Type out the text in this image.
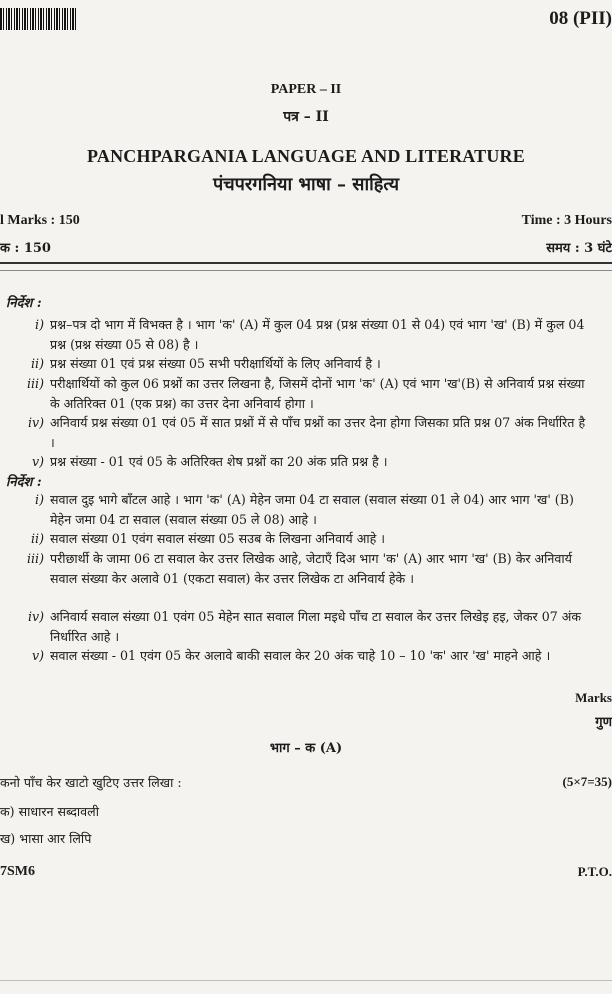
08 (PII)
PAPER – II
पत्र – II
PANCHPARGANIA LANGUAGE AND LITERATURE
पंचपरगनिया भाषा – साहित्य
l Marks : 150
क : 150
Time : 3 Hours
समय : 3 घंटे
निर्देश :
i) प्रश्न–पत्र दो भाग में विभक्त है । भाग 'क' (A) में कुल 04 प्रश्न (प्रश्न संख्या 01 से 04) एवं भाग 'ख' (B) में कुल 04 प्रश्न (प्रश्न संख्या 05 से 08) है ।
ii) प्रश्न संख्या 01 एवं प्रश्न संख्या 05 सभी परीक्षार्थियों के लिए अनिवार्य है ।
iii) परीक्षार्थियों को कुल 06 प्रश्नों का उत्तर लिखना है, जिसमें दोनों भाग 'क' (A) एवं भाग 'ख'(B) से अनिवार्य प्रश्न संख्या के अतिरिक्त 01 (एक प्रश्न) का उत्तर देना अनिवार्य होगा ।
iv) अनिवार्य प्रश्न संख्या 01 एवं 05 में सात प्रश्नों में से पाँच प्रश्नों का उत्तर देना होगा जिसका प्रति प्रश्न 07 अंक निर्धारित है ।
v) प्रश्न संख्या - 01 एवं 05 के अतिरिक्त शेष प्रश्नों का 20 अंक प्रति प्रश्न है ।
निर्देश :
i) सवाल दुइ भागे बाँटल आहे । भाग 'क' (A) मेहेन जमा 04 टा सवाल (सवाल संख्या 01 ले 04) आर भाग 'ख' (B) मेहेन जमा 04 टा सवाल (सवाल संख्या 05 ले 08) आहे ।
ii) सवाल संख्या 01 एवंग सवाल संख्या 05 सउब के लिखना अनिवार्य आहे ।
iii) परीछार्थी के जामा 06 टा सवाल केर उत्तर लिखेक आहे, जेटाएँ दिअ भाग 'क' (A) आर भाग 'ख' (B) केर अनिवार्य सवाल संख्या केर अलावे 01 (एकटा सवाल) केर उत्तर लिखेक टा अनिवार्य हेके ।
iv) अनिवार्य सवाल संख्या 01 एवंग 05 मेहेन सात सवाल गिला मइधे पाँच टा सवाल केर उत्तर लिखेइ हइ, जेकर 07 अंक निर्धारित आहे ।
v) सवाल संख्या - 01 एवंग 05 केर अलावे बाकी सवाल केर 20 अंक चाहे 10 – 10 'क' आर 'ख' माहने आहे ।
Marks
गुण
भाग – क (A)
कनो पाँच केर खाटो खुटिए उत्तर लिखा :	(5×7=35)
क) साधारन सब्दावली
ख) भासा आर लिपि
7SM6	P.T.O.
